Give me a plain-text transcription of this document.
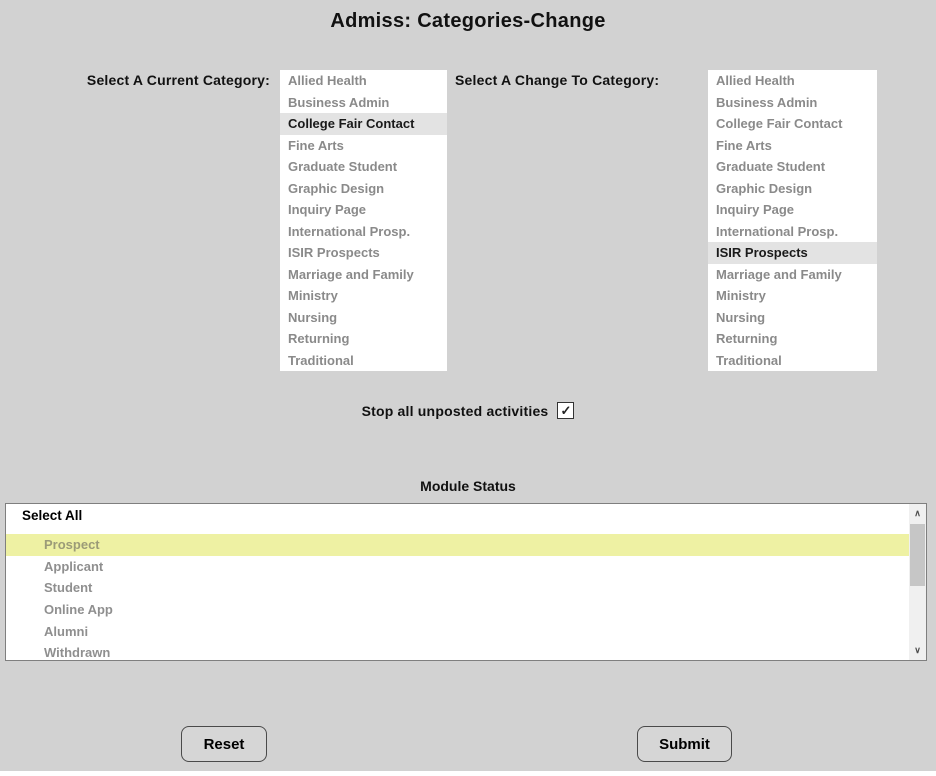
Admiss: Categories-Change
Select A Current Category:	Allied Health
Business Admin
College Fair Contact
Fine Arts
Graduate Student
Graphic Design
Inquiry Page
International Prosp.
ISIR Prospects
Marriage and Family
Ministry
Nursing
Returning
Traditional
Select A Change To Category:	Allied Health
Business Admin
College Fair Contact
Fine Arts
Graduate Student
Graphic Design
Inquiry Page
International Prosp.
ISIR Prospects
Marriage and Family
Ministry
Nursing
Returning
Traditional
Stop all unposted activities ✓
Module Status
Select All
Prospect
Applicant
Student
Online App
Alumni
Withdrawn
∧
∨
Reset	Submit
